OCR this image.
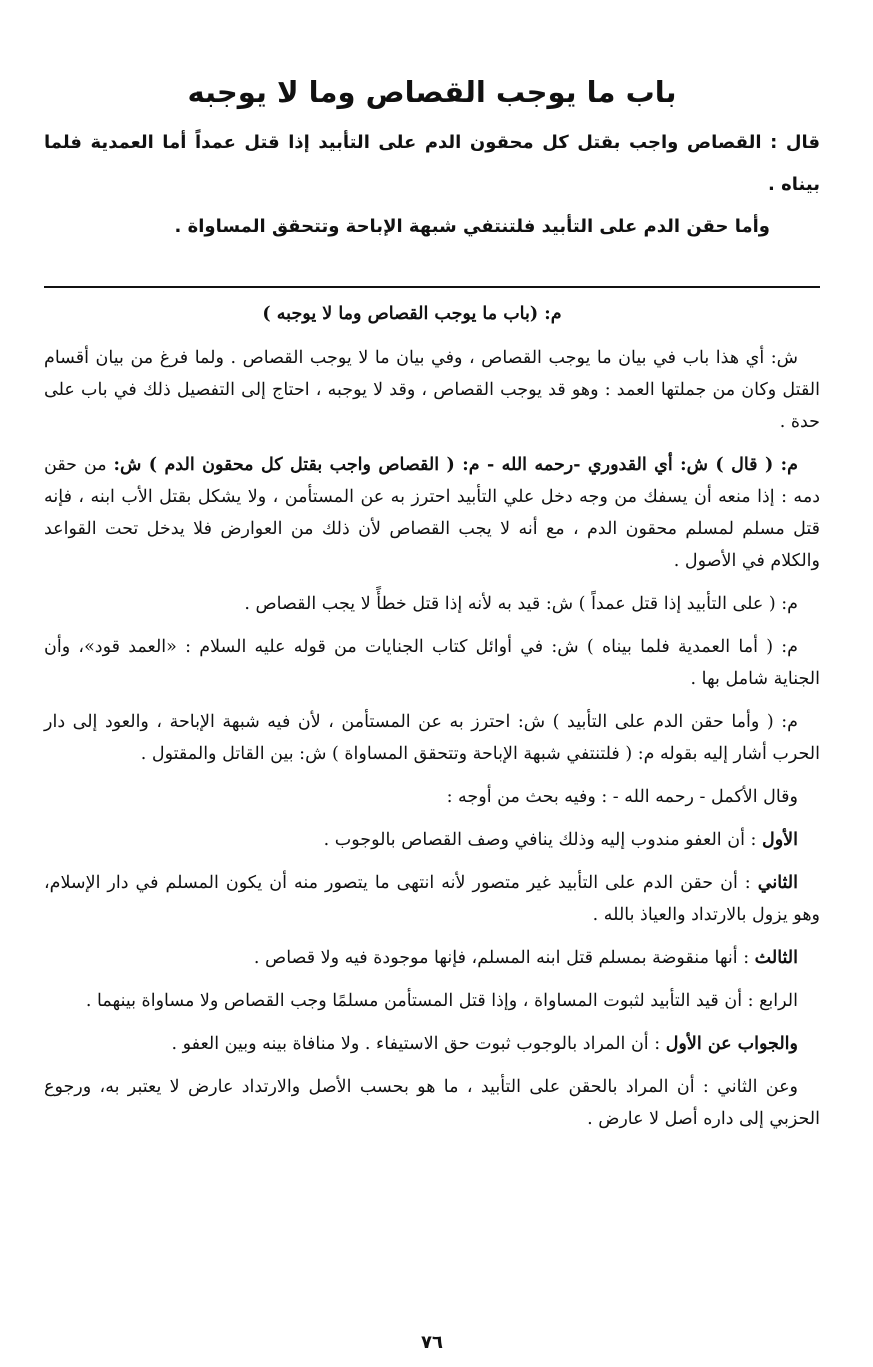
باب ما يوجب القصاص وما لا يوجبه
قال : القصاص واجب بقتل كل محقون الدم على التأبيد إذا قتل عمداً أما العمدية فلما بيناه .
وأما حقن الدم على التأبيد فلتنتفي شبهة الإباحة وتتحقق المساواة .

م: (باب ما يوجب القصاص وما لا يوجبه )

ش: أي هذا باب في بيان ما يوجب القصاص ، وفي بيان ما لا يوجب القصاص . ولما فرغ من بيان أقسام القتل وكان من جملتها العمد : وهو قد يوجب القصاص ، وقد لا يوجبه ، احتاج إلى التفصيل ذلك في باب على حدة .

م: ( قال ) ش: أي القدوري -رحمه الله - م: ( القصاص واجب بقتل كل محقون الدم ) ش: من حقن دمه : إذا منعه أن يسفك من وجه دخل علي التأبيد احترز به عن المستأمن ، ولا يشكل بقتل الأب ابنه ، فإنه قتل مسلم لمسلم محقون الدم ، مع أنه لا يجب القصاص لأن ذلك من العوارض فلا يدخل تحت القواعد والكلام في الأصول .

م: ( على التأبيد إذا قتل عمداً ) ش: قيد به لأنه إذا قتل خطأً لا يجب القصاص .

م: ( أما العمدية فلما بيناه ) ش: في أوائل كتاب الجنايات من قوله عليه السلام : «العمد قود»، وأن الجناية شامل بها .

م: ( وأما حقن الدم على التأبيد ) ش: احترز به عن المستأمن ، لأن فيه شبهة الإباحة ، والعود إلى دار الحرب أشار إليه بقوله م: ( فلتنتفي شبهة الإباحة وتتحقق المساواة ) ش: بين القاتل والمقتول .

وقال الأكمل - رحمه الله - : وفيه بحث من أوجه :

الأول : أن العفو مندوب إليه وذلك ينافي وصف القصاص بالوجوب .

الثاني : أن حقن الدم على التأبيد غير متصور لأنه انتهى ما يتصور منه أن يكون المسلم في دار الإسلام، وهو يزول بالارتداد والعياذ بالله .

الثالث : أنها منقوضة بمسلم قتل ابنه المسلم، فإنها موجودة فيه ولا قصاص .

الرابع : أن قيد التأبيد لثبوت المساواة ، وإذا قتل المستأمن مسلمًا وجب القصاص ولا مساواة بينهما .

والجواب عن الأول : أن المراد بالوجوب ثبوت حق الاستيفاء . ولا منافاة بينه وبين العفو .

وعن الثاني : أن المراد بالحقن على التأبيد ، ما هو بحسب الأصل والارتداد عارض لا يعتبر به، ورجوع الحزبي إلى داره أصل لا عارض .

٧٦
